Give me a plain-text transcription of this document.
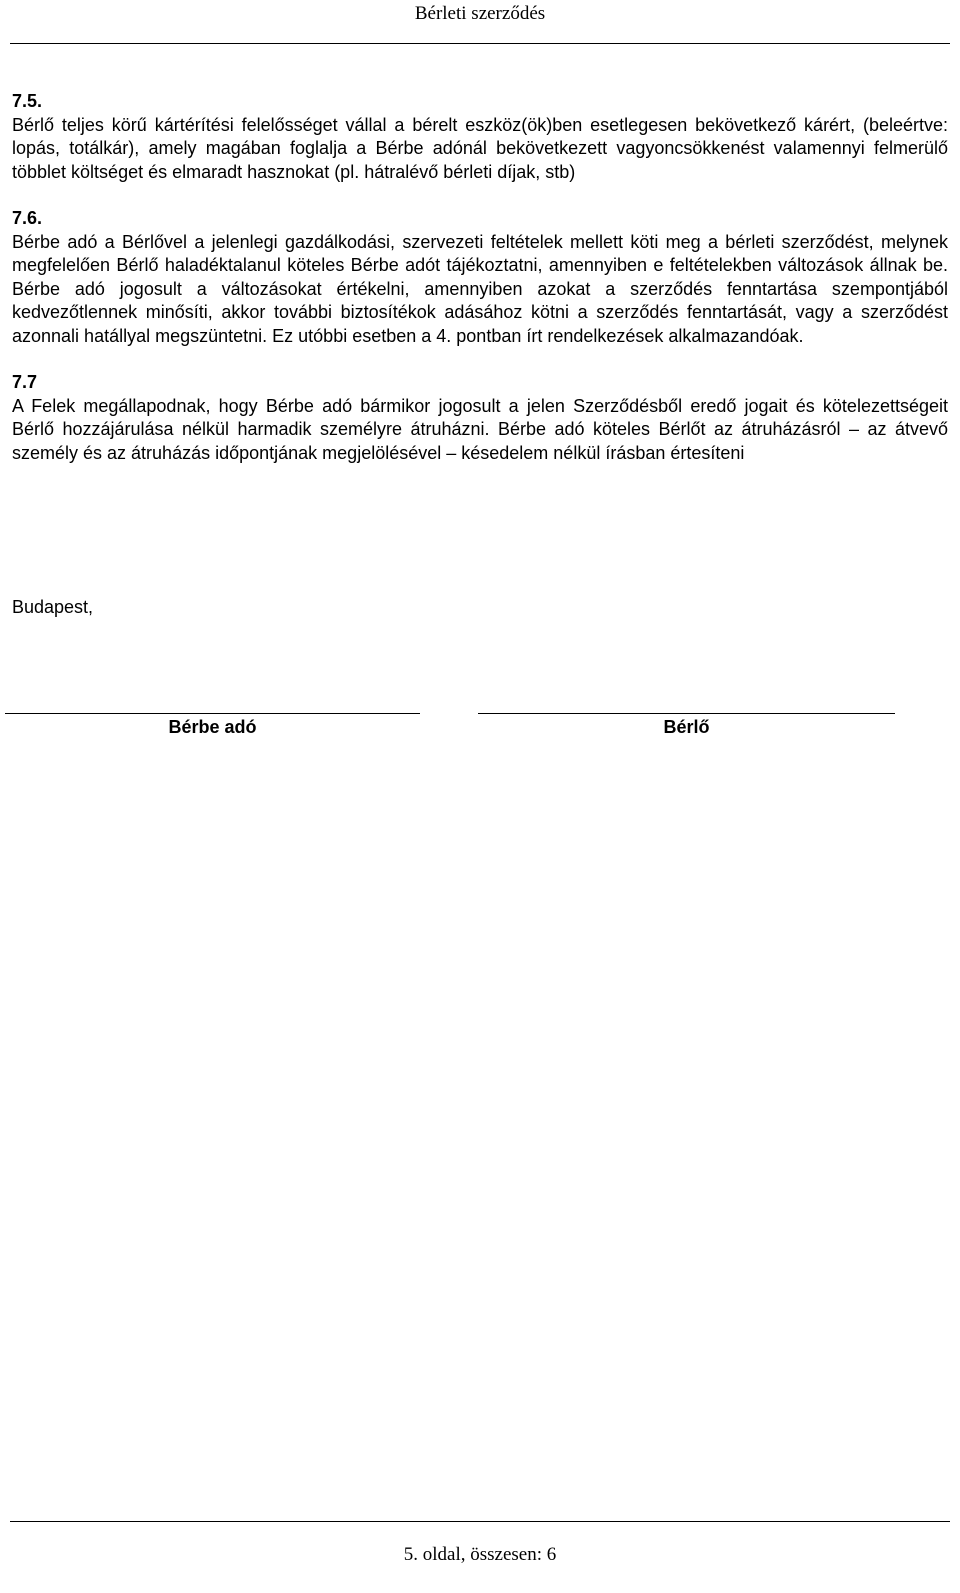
Bérleti szerződés

7.5.

Bérlő teljes körű kártérítési felelősséget vállal a bérelt eszköz(ök)ben esetlegesen bekövetkező kárért, (beleértve: lopás, totálkár), amely magában foglalja a Bérbe adónál bekövetkezett vagyoncsökkenést valamennyi felmerülő többlet költséget és elmaradt hasznokat (pl. hátralévő bérleti díjak, stb)

7.6.

Bérbe adó a Bérlővel a jelenlegi gazdálkodási, szervezeti feltételek mellett köti meg a bérleti szerződést, melynek megfelelően Bérlő haladéktalanul köteles Bérbe adót tájékoztatni, amennyiben e feltételekben változások állnak be. Bérbe adó jogosult a változásokat értékelni, amennyiben azokat a szerződés fenntartása szempontjából kedvezőtlennek minősíti, akkor további biztosítékok adásához kötni a szerződés fenntartását, vagy a szerződést azonnali hatállyal megszüntetni. Ez utóbbi esetben a 4. pontban írt rendelkezések alkalmazandóak.

7.7

A Felek megállapodnak, hogy Bérbe adó bármikor jogosult a jelen Szerződésből eredő jogait és kötelezettségeit Bérlő hozzájárulása nélkül harmadik személyre átruházni. Bérbe adó köteles Bérlőt az átruházásról – az átvevő személy és az átruházás időpontjának megjelölésével – késedelem nélkül írásban értesíteni

Budapest,
Bérbe adó	Bérlő
5. oldal, összesen: 6
